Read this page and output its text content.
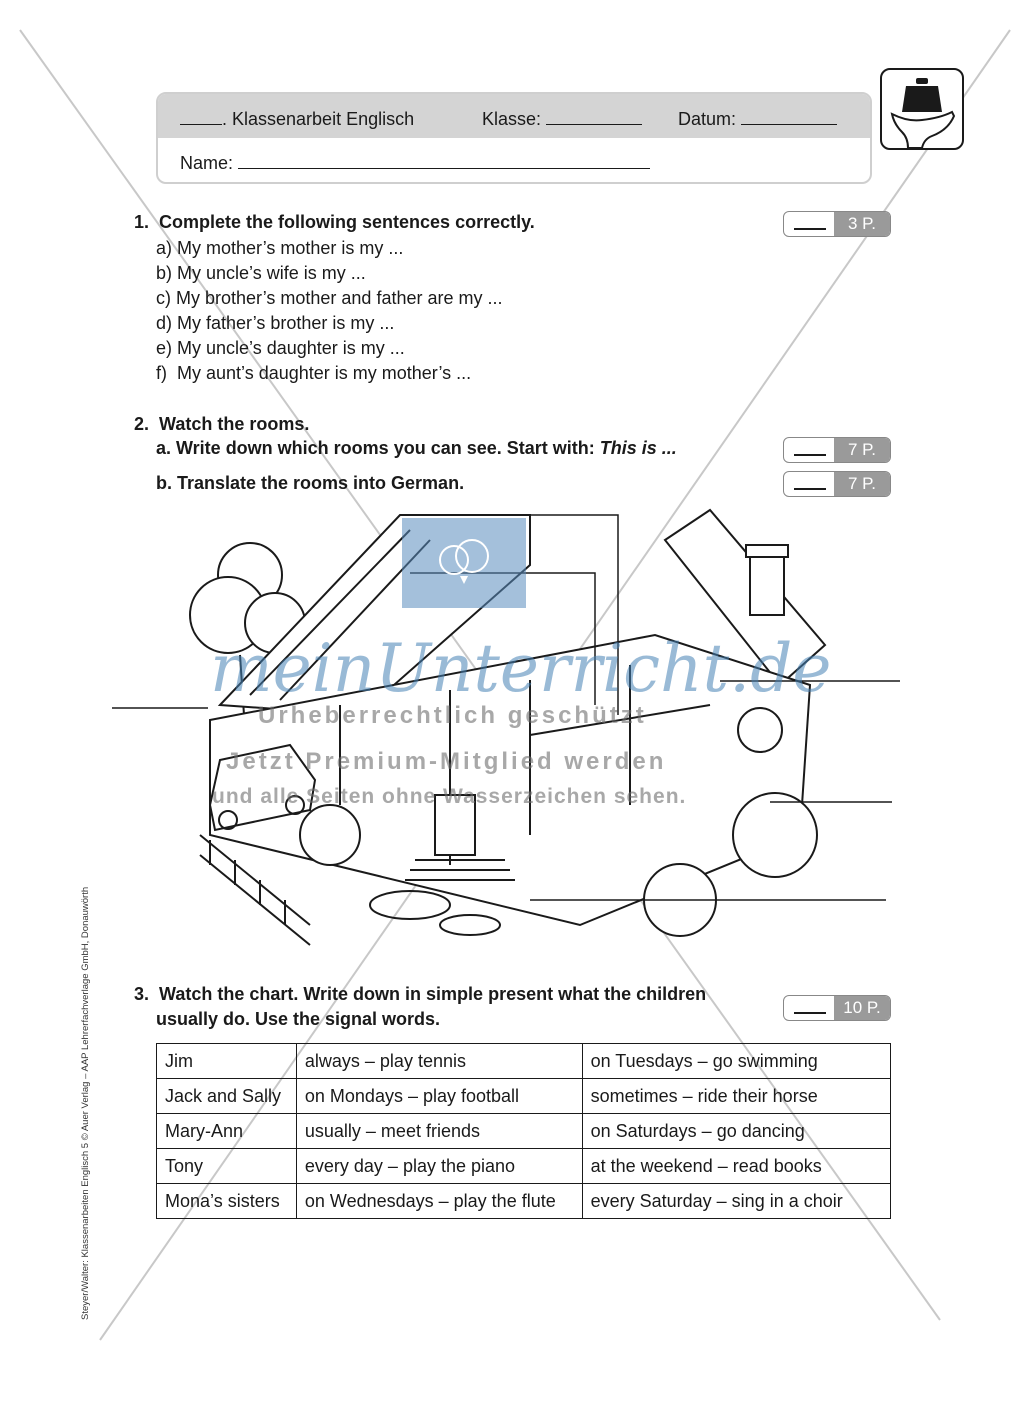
. Klassenarbeit Englisch	Klasse:	Datum:
Name:
1. Complete the following sentences correctly.	3 P.
a) My mother’s mother is my ...
b) My uncle’s wife is my ...
c) My brother’s mother and father are my ...
d) My father’s brother is my ...
e) My uncle’s daughter is my ...
f) My aunt’s daughter is my mother’s ...
2. Watch the rooms.
a. Write down which rooms you can see. Start with: This is ...	7 P.
b. Translate the rooms into German.	7 P.
meinUnterricht.de
Urheberrechtlich geschützt
Jetzt Premium-Mitglied werden
und alle Seiten ohne Wasserzeichen sehen.
3. Watch the chart. Write down in simple present what the children
usually do. Use the signal words.
10 P.
Jim	always – play tennis	on Tuesdays – go swimming
Jack and Sally	on Mondays – play football	sometimes – ride their horse
Mary-Ann	usually – meet friends	on Saturdays – go dancing
Tony	every day – play the piano	at the weekend – read books
Mona’s sisters	on Wednesdays – play the flute	every Saturday – sing in a choir
Steyer/Walter: Klassenarbeiten Englisch 5 © Auer Verlag – AAP Lehrerfachverlage GmbH, Donauwörth
